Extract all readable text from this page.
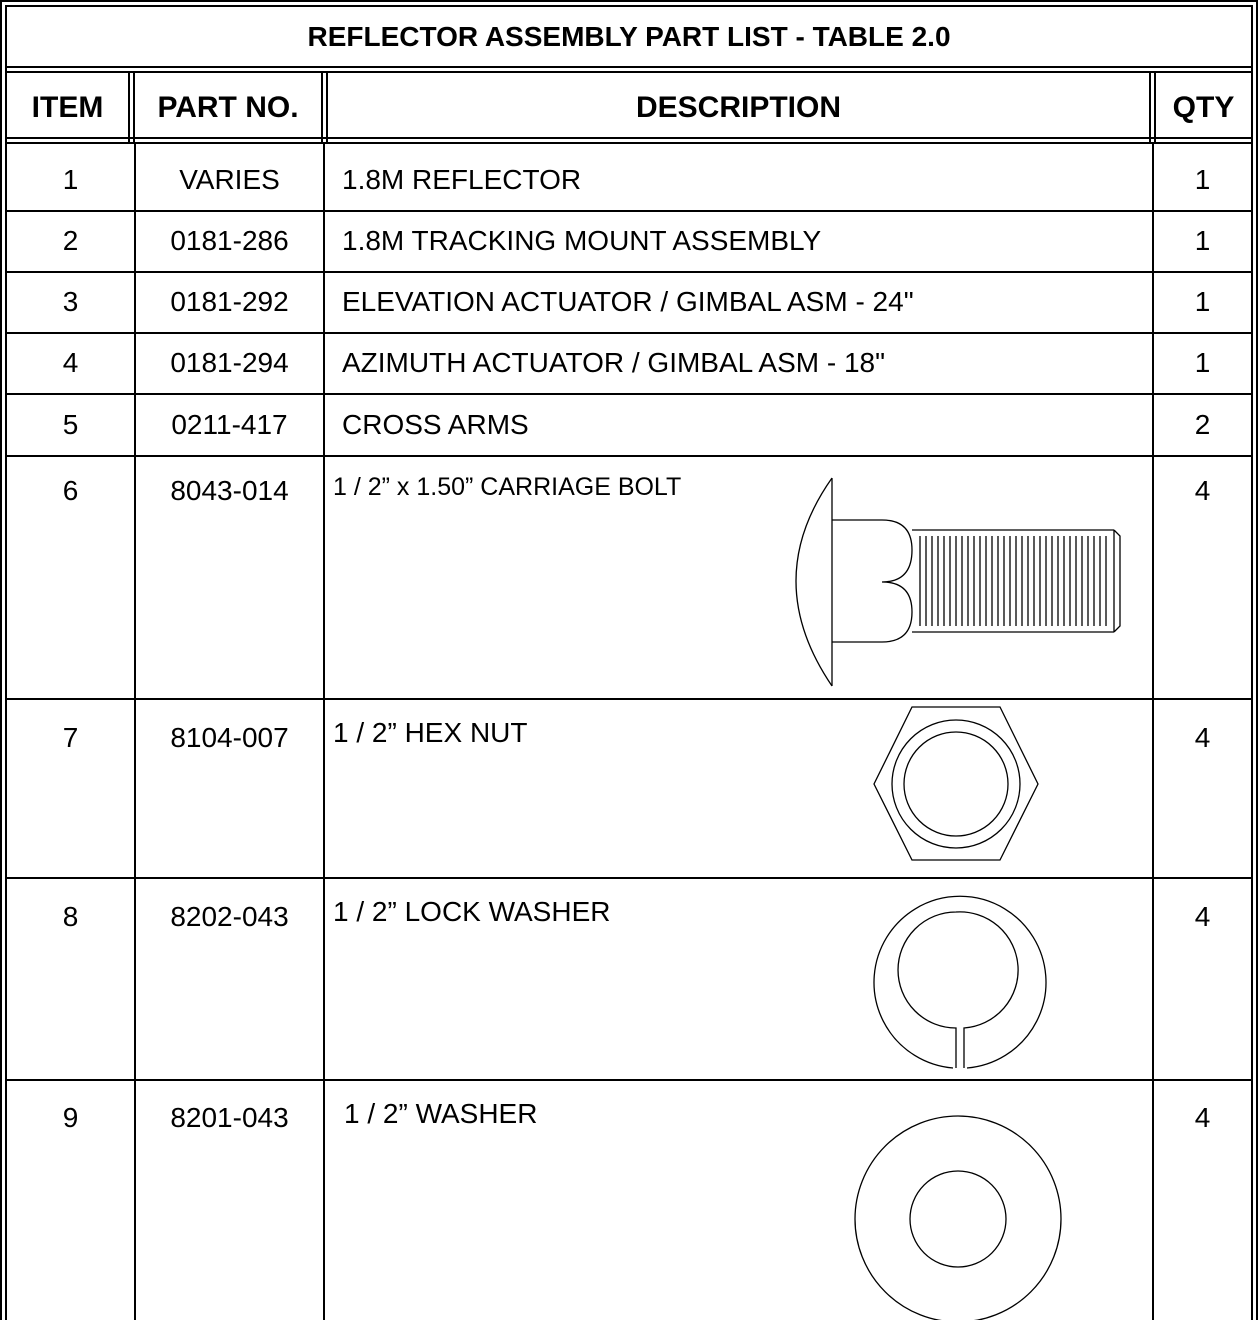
REFLECTOR ASSEMBLY PART LIST - TABLE 2.0
ITEM	PART NO.	DESCRIPTION	QTY
1	VARIES	1.8M REFLECTOR	1
2	0181-286	1.8M TRACKING MOUNT ASSEMBLY	1
3	0181-292	ELEVATION ACTUATOR / GIMBAL ASM - 24"	1
4	0181-294	AZIMUTH ACTUATOR / GIMBAL ASM - 18"	1
5	0211-417	CROSS ARMS	2
6	8043-014	1 / 2” x 1.50” CARRIAGE BOLT	4
7	8104-007	1 / 2” HEX NUT	4
8	8202-043	1 / 2” LOCK WASHER	4
9	8201-043	1 / 2” WASHER	4
